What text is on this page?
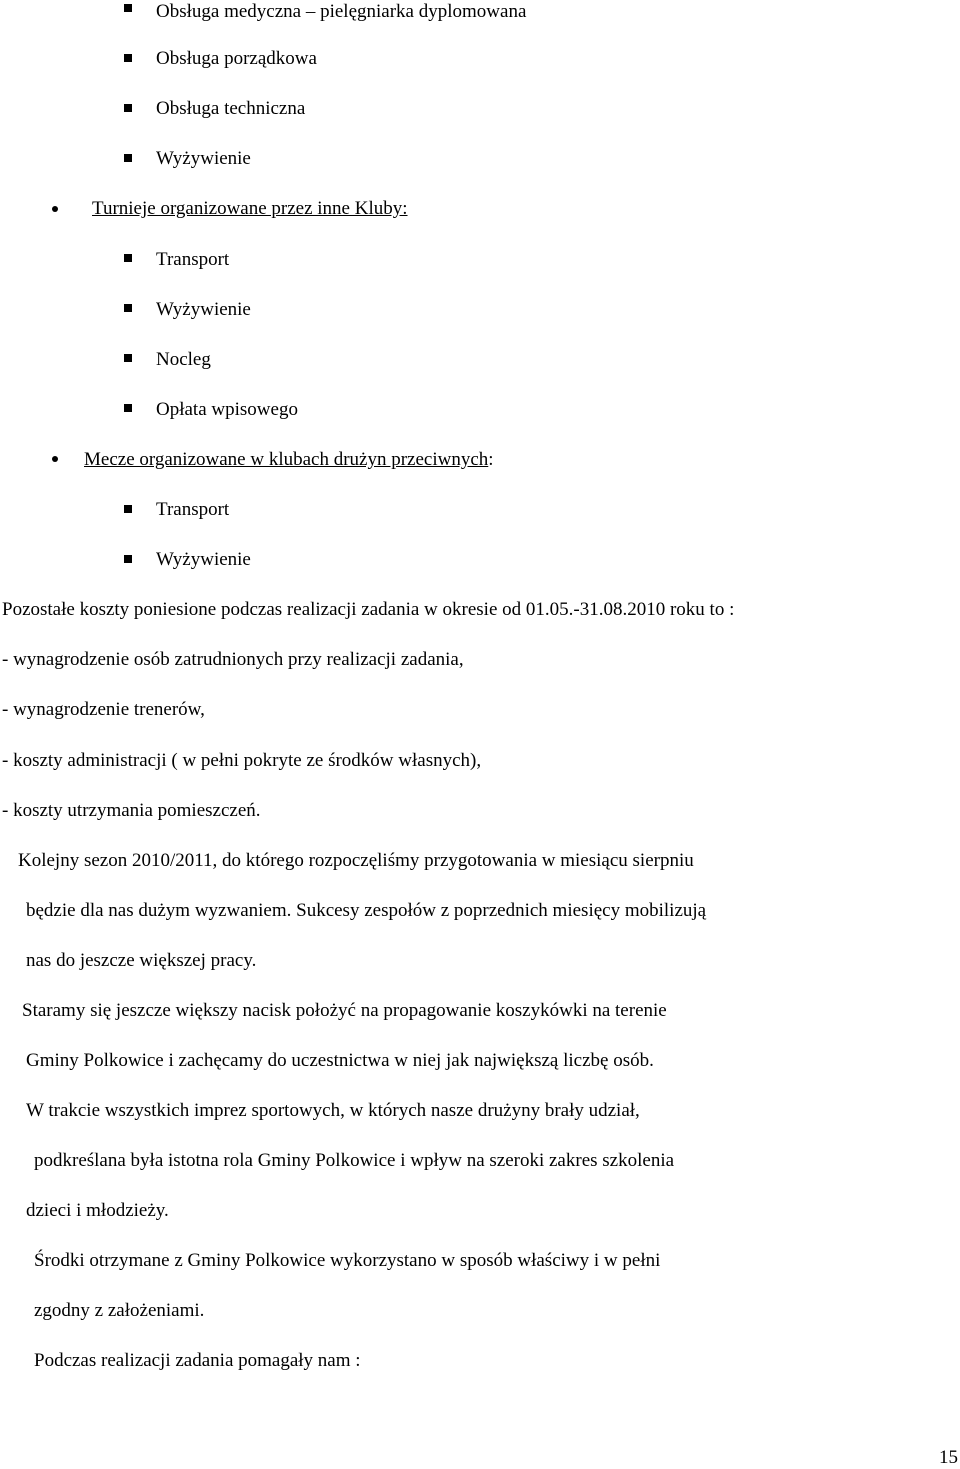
Obsługa medyczna – pielęgniarka dyplomowana
Obsługa porządkowa
Obsługa techniczna
Wyżywienie
Turnieje organizowane przez inne Kluby:
Transport
Wyżywienie
Nocleg
Opłata wpisowego
Mecze organizowane w klubach drużyn przeciwnych:
Transport
Wyżywienie
Pozostałe koszty poniesione podczas realizacji zadania w okresie od 01.05.-31.08.2010 roku to :
- wynagrodzenie osób zatrudnionych przy realizacji zadania,
- wynagrodzenie trenerów,
- koszty administracji ( w pełni pokryte ze środków własnych),
- koszty utrzymania pomieszczeń.
Kolejny sezon 2010/2011, do którego rozpoczęliśmy przygotowania w miesiącu sierpniu
będzie dla nas dużym wyzwaniem. Sukcesy zespołów z poprzednich miesięcy mobilizują
nas do jeszcze większej pracy.
Staramy się jeszcze większy nacisk położyć na propagowanie koszykówki na terenie
Gminy Polkowice i zachęcamy do uczestnictwa w niej jak największą liczbę osób.
W trakcie wszystkich imprez sportowych, w których nasze drużyny brały udział,
podkreślana była istotna rola Gminy Polkowice i wpływ na szeroki zakres szkolenia
dzieci i młodzieży.
Środki otrzymane z Gminy Polkowice wykorzystano w sposób właściwy i w pełni
zgodny z założeniami.
Podczas realizacji zadania pomagały nam :
15
